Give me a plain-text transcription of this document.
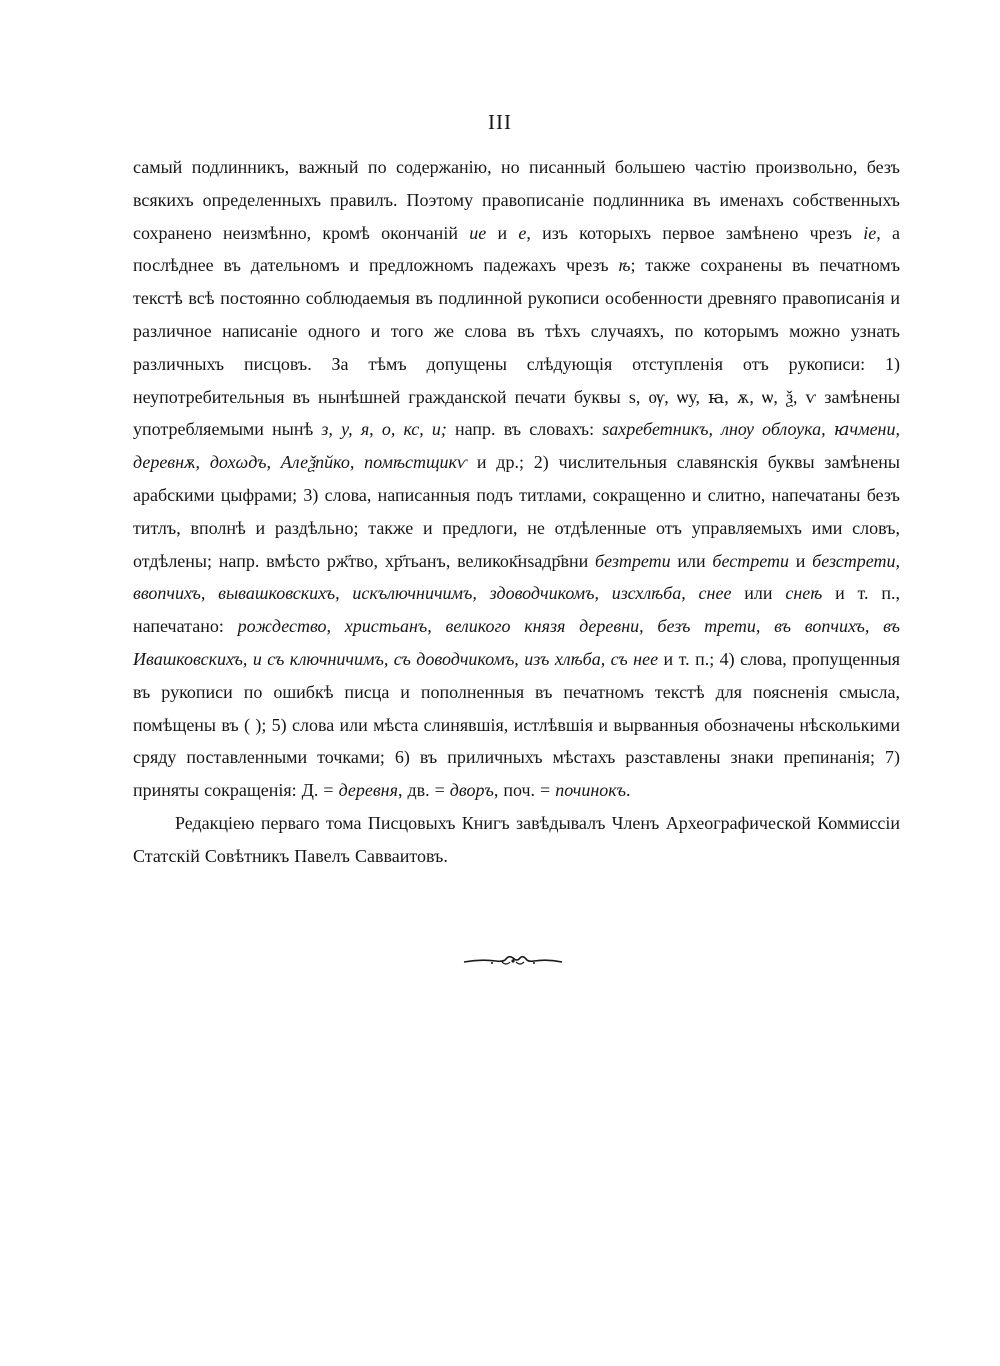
III

самый подлинникъ, важный по содержанію, но писанный большею частію произвольно, безъ всякихъ определенныхъ правилъ. Поэтому правописаніе подлинника въ именахъ собственныхъ сохранено неизмѣнно, кромѣ окончаній ие и е, изъ которыхъ первое замѣнено чрезъ іе, а послѣднее въ дательномъ и предложномъ падежахъ чрезъ ѣ; также сохранены въ печатномъ текстѣ всѣ постоянно соблюдаемыя въ подлинной рукописи особенности древняго правописанія и различное написаніе одного и того же слова въ тѣхъ случаяхъ, по которымъ можно узнать различныхъ писцовъ. За тѣмъ допущены слѣдующія отступленія отъ рукописи: 1) неупотребительныя въ нынѣшней гражданской печати буквы ѕ, ѹ, ѡу, ꙗ, ѫ, ѡ, ѯ, ѵ замѣнены употребляемыми нынѣ з, у, я, о, кс, и; напр. въ словахъ: ѕахребетникъ, лнѹ облоука, ꙗчмени, деревнѫ, дохωдъ, Алеѯпйко, помѣстщикѵ и др.; 2) числительныя славянскія буквы замѣнены арабскими цыфрами; 3) слова, написанныя подъ титлами, сокращенно и слитно, напечатаны безъ титлъ, вполнѣ и раздѣльно; также и предлоги, не отдѣленные отъ управляемыхъ ими словъ, отдѣлены; напр. вмѣсто рж҃тво, хр҃тьанъ, великок҃нѕадр҃вни безтрети или бестрети и безстрети, ввопчихъ, вывашковскихъ, искълючничимъ, здоводчикомъ, изсхлѣба, снее или снеѣ и т. п., напечатано: рождество, христьанъ, великого князя деревни, безъ трети, въ вопчихъ, въ Ивашковскихъ, и съ ключничимъ, съ доводчикомъ, изъ хлѣба, съ нее и т. п.; 4) слова, пропущенныя въ рукописи по ошибкѣ писца и пополненныя въ печатномъ текстѣ для поясненія смысла, помѣщены въ ( ); 5) слова или мѣста слинявшія, истлѣвшія и вырванныя обозначены нѣсколькими сряду поставленными точками; 6) въ приличныхъ мѣстахъ разставлены знаки препинанія; 7) приняты сокращенія: Д. = деревня, дв. = дворъ, поч. = починокъ.

Редакціею перваго тома Писцовыхъ Книгъ завѣдывалъ Членъ Археографической Коммиссіи Статскій Совѣтникъ Павелъ Савваитовъ.
